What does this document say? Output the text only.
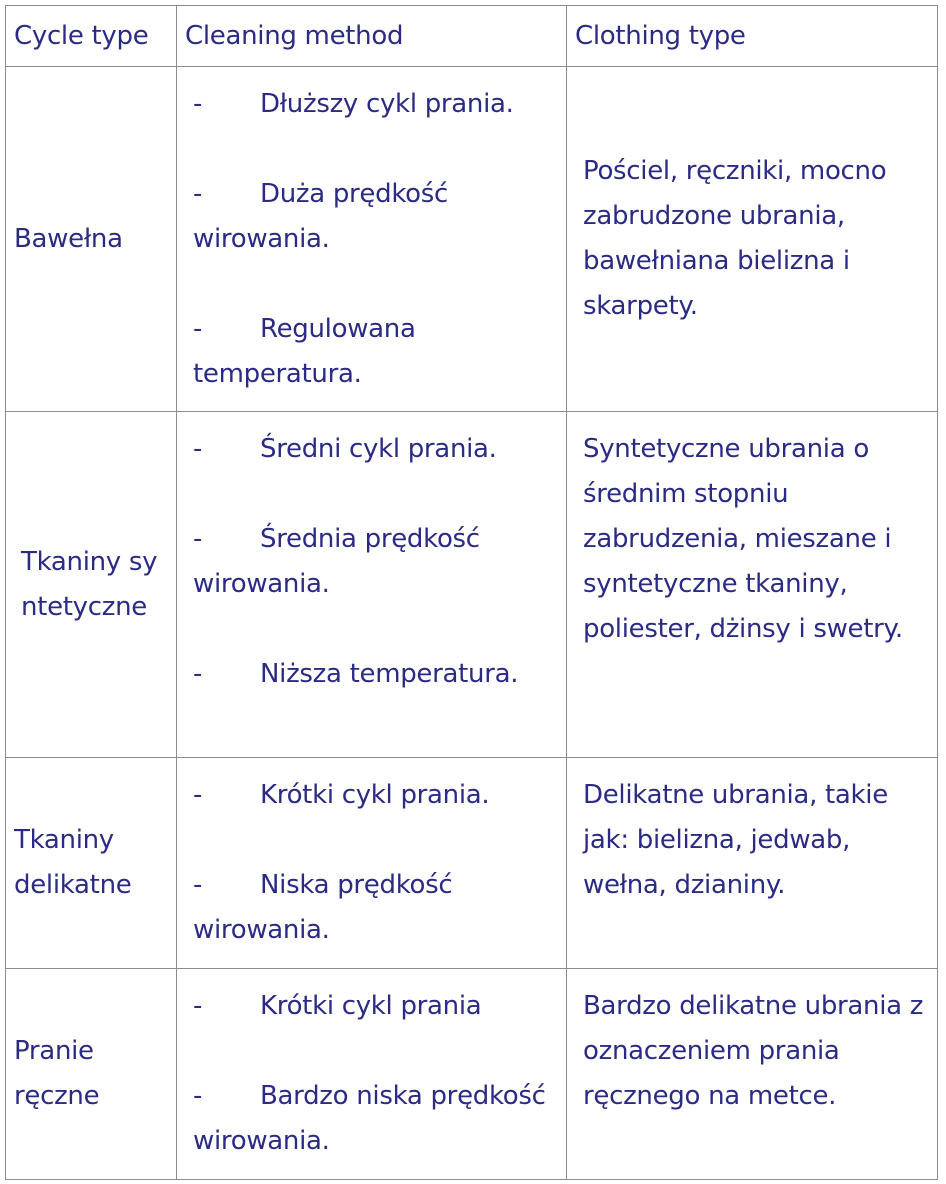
Cycle type	Cleaning method	Clothing type
Bawełna	- Dłuższy cykl prania.

- Duża prędkość wirowania.

- Regulowana temperatura.	Pościel, ręczniki, mocno zabrudzone ubrania, bawełniana bielizna i skarpety.

Tkaniny syntetyczne	- Średni cykl prania.

- Średnia prędkość wirowania.

- Niższa temperatura.	Syntetyczne ubrania o średnim stopniu zabrudzenia, mieszane i syntetyczne tkaniny, poliester, dżinsy i swetry.
Tkaniny delikatne	- Krótki cykl prania.

- Niska prędkość wirowania.	Delikatne ubrania, takie jak: bielizna, jedwab, wełna, dzianiny.
Pranie ręczne	- Krótki cykl prania

- Bardzo niska prędkość wirowania.	Bardzo delikatne ubrania z oznaczeniem prania ręcznego na metce.
